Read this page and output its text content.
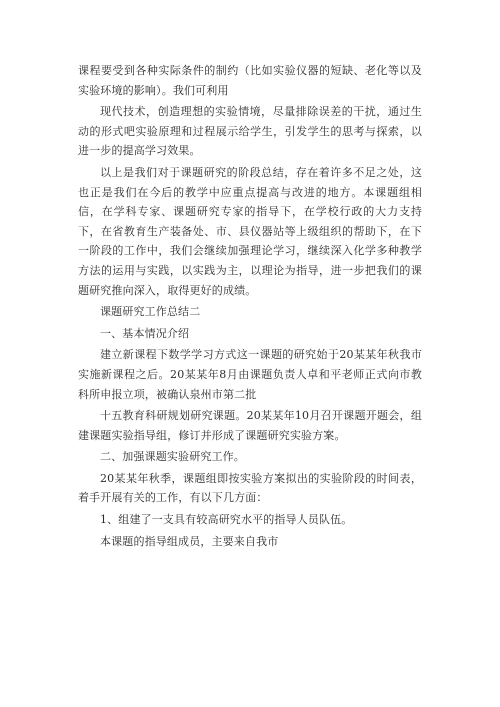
课程要受到各种实际条件的制约（比如实验仪器的短缺、老化等以及实验环境的影响）。我们可利用

现代技术，创造理想的实验情境，尽量排除误差的干扰，通过生动的形式吧实验原理和过程展示给学生，引发学生的思考与探索，以进一步的提高学习效果。

以上是我们对于课题研究的阶段总结，存在着许多不足之处，这也正是我们在今后的教学中应重点提高与改进的地方。本课题组相信，在学科专家、课题研究专家的指导下，在学校行政的大力支持下，在省教育生产装备处、市、县仪器站等上级组织的帮助下，在下一阶段的工作中，我们会继续加强理论学习，继续深入化学多种教学方法的运用与实践，以实践为主，以理论为指导，进一步把我们的课题研究推向深入，取得更好的成绩。

课题研究工作总结二

一、基本情况介绍

建立新课程下数学学习方式这一课题的研究始于20某某年秋我市实施新课程之后。20某某年8月由课题负责人卓和平老师正式向市教科所申报立项，被确认泉州市第二批

十五教育科研规划研究课题。20某某年10月召开课题开题会，组建课题实验指导组，修订并形成了课题研究实验方案。

二、加强课题实验研究工作。

20某某年秋季，课题组即按实验方案拟出的实验阶段的时间表，着手开展有关的工作，有以下几方面：

1、组建了一支具有较高研究水平的指导人员队伍。

本课题的指导组成员，主要来自我市
